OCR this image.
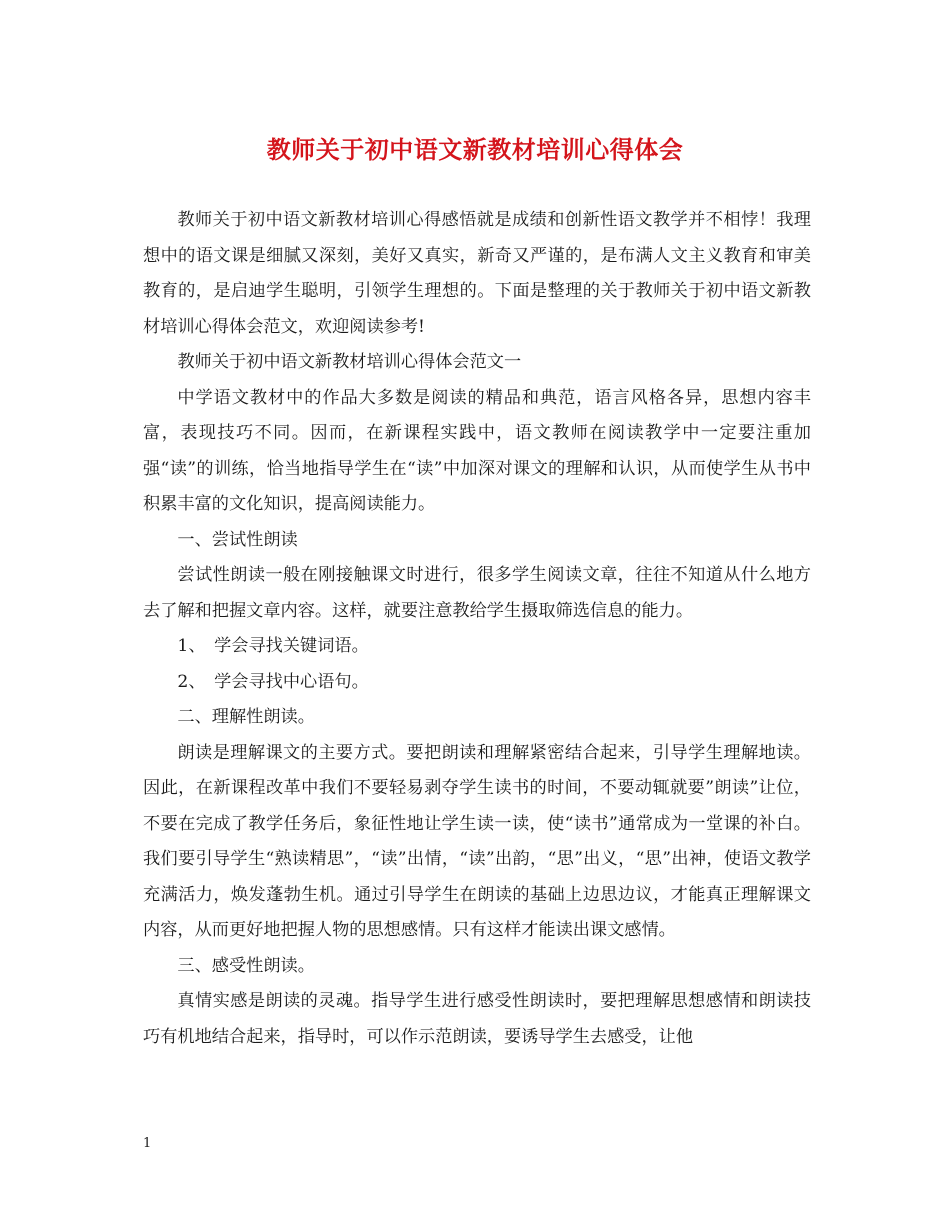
教师关于初中语文新教材培训心得体会

教师关于初中语文新教材培训心得感悟就是成绩和创新性语文教学并不相悖！我理想中的语文课是细腻又深刻，美好又真实，新奇又严谨的，是布满人文主义教育和审美教育的，是启迪学生聪明，引领学生理想的。下面是整理的关于教师关于初中语文新教材培训心得体会范文，欢迎阅读参考!

教师关于初中语文新教材培训心得体会范文一

中学语文教材中的作品大多数是阅读的精品和典范，语言风格各异，思想内容丰富，表现技巧不同。因而，在新课程实践中，语文教师在阅读教学中一定要注重加强“读”的训练，恰当地指导学生在“读”中加深对课文的理解和认识，从而使学生从书中积累丰富的文化知识，提高阅读能力。

一、尝试性朗读

尝试性朗读一般在刚接触课文时进行，很多学生阅读文章，往往不知道从什么地方去了解和把握文章内容。这样，就要注意教给学生摄取筛选信息的能力。

1、　学会寻找关键词语。

2、　学会寻找中心语句。

二、理解性朗读。

朗读是理解课文的主要方式。要把朗读和理解紧密结合起来，引导学生理解地读。因此，在新课程改革中我们不要轻易剥夺学生读书的时间，不要动辄就要”朗读”让位，不要在完成了教学任务后，象征性地让学生读一读，使“读书”通常成为一堂课的补白。我们要引导学生“熟读精思”，“读”出情，“读”出韵，“思”出义，“思”出神，使语文教学充满活力，焕发蓬勃生机。通过引导学生在朗读的基础上边思边议，才能真正理解课文内容，从而更好地把握人物的思想感情。只有这样才能读出课文感情。

三、感受性朗读。

真情实感是朗读的灵魂。指导学生进行感受性朗读时，要把理解思想感情和朗读技巧有机地结合起来，指导时，可以作示范朗读，要诱导学生去感受，让他

1
